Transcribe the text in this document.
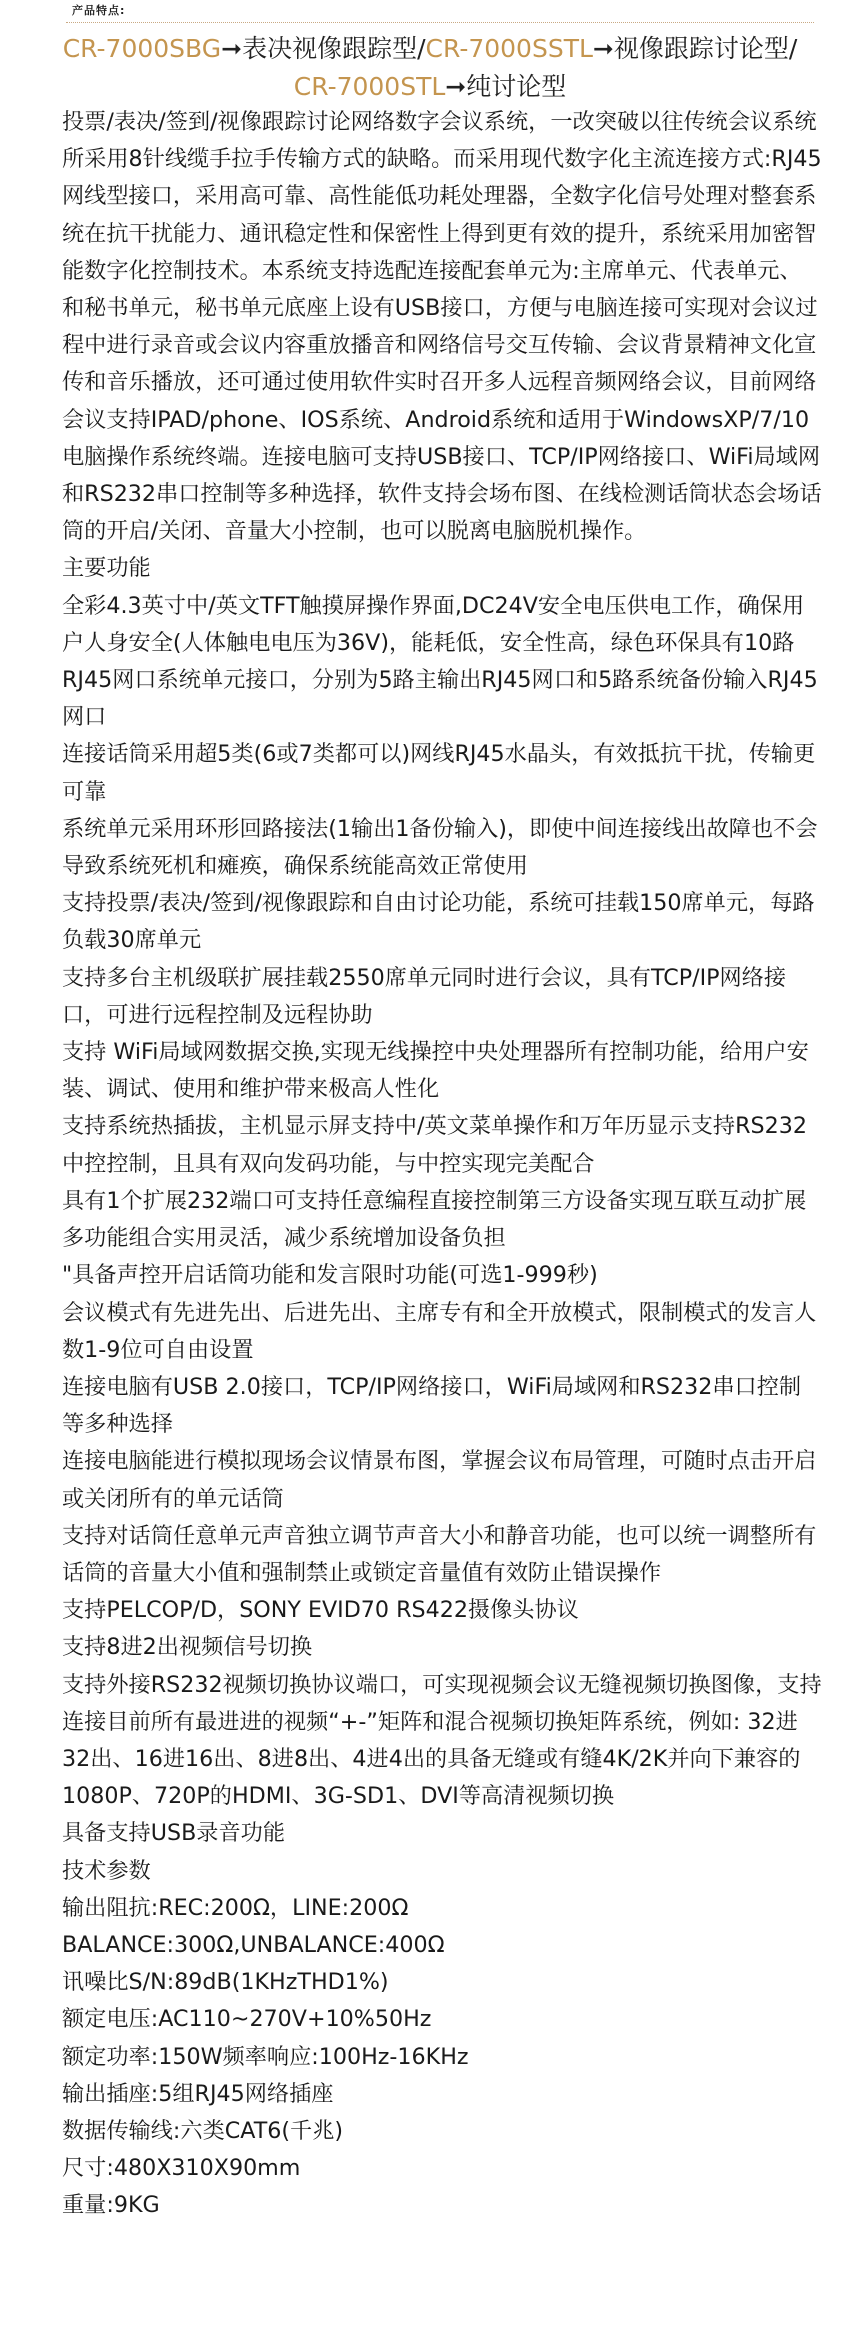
产品特点:
CR-7000SBG➞表决视像跟踪型/CR-7000SSTL➞视像跟踪讨论型/
CR-7000STL➞纯讨论型

投票/表决/签到/视像跟踪讨论网络数字会议系统，一改突破以往传统会议系统所采用8针线缆手拉手传输方式的缺略。而采用现代数字化主流连接方式:RJ45网线型接口，采用高可靠、高性能低功耗处理器，全数字化信号处理对整套系统在抗干扰能力、通讯稳定性和保密性上得到更有效的提升，系统采用加密智能数字化控制技术。本系统支持选配连接配套单元为:主席单元、代表单元、和秘书单元，秘书单元底座上设有USB接口，方便与电脑连接可实现对会议过程中进行录音或会议内容重放播音和网络信号交互传输、会议背景精神文化宣传和音乐播放，还可通过使用软件实时召开多人远程音频网络会议，目前网络会议支持IPAD/phone、IOS系统、Android系统和适用于WindowsXP/7/10电脑操作系统终端。连接电脑可支持USB接口、TCP/IP网络接口、WiFi局域网和RS232串口控制等多种选择，软件支持会场布图、在线检测话筒状态会场话筒的开启/关闭、音量大小控制，也可以脱离电脑脱机操作。

主要功能

全彩4.3英寸中/英文TFT触摸屏操作界面,DC24V安全电压供电工作，确保用户人身安全(人体触电电压为36V)，能耗低，安全性高，绿色环保具有10路RJ45网口系统单元接口，分别为5路主输出RJ45网口和5路系统备份输入RJ45网口

连接话筒采用超5类(6或7类都可以)网线RJ45水晶头，有效抵抗干扰，传输更可靠

系统单元采用环形回路接法(1输出1备份输入)，即使中间连接线出故障也不会导致系统死机和瘫痪，确保系统能高效正常使用

支持投票/表决/签到/视像跟踪和自由讨论功能，系统可挂载150席单元，每路负载30席单元

支持多台主机级联扩展挂载2550席单元同时进行会议，具有TCP/IP网络接口，可进行远程控制及远程协助

支持 WiFi局域网数据交换,实现无线操控中央处理器所有控制功能，给用户安装、调试、使用和维护带来极高人性化

支持系统热插拔，主机显示屏支持中/英文菜单操作和万年历显示支持RS232中控控制，且具有双向发码功能，与中控实现完美配合

具有1个扩展232端口可支持任意编程直接控制第三方设备实现互联互动扩展多功能组合实用灵活，减少系统增加设备负担

"具备声控开启话筒功能和发言限时功能(可选1-999秒)

会议模式有先进先出、后进先出、主席专有和全开放模式，限制模式的发言人数1-9位可自由设置

连接电脑有USB 2.0接口，TCP/IP网络接口，WiFi局域网和RS232串口控制等多种选择

连接电脑能进行模拟现场会议情景布图，掌握会议布局管理，可随时点击开启或关闭所有的单元话筒

支持对话筒任意单元声音独立调节声音大小和静音功能，也可以统一调整所有话筒的音量大小值和强制禁止或锁定音量值有效防止错误操作

支持PELCOP/D，SONY EVID70 RS422摄像头协议

支持8进2出视频信号切换

支持外接RS232视频切换协议端口，可实现视频会议无缝视频切换图像，支持连接目前所有最进进的视频“+-”矩阵和混合视频切换矩阵系统，例如: 32进32出、16进16出、8进8出、4进4出的具备无缝或有缝4K/2K并向下兼容的1080P、720P的HDMI、3G-SD1、DVI等高清视频切换

具备支持USB录音功能

技术参数

输出阻抗:REC:200Ω，LINE:200Ω

BALANCE:300Ω,UNBALANCE:400Ω

讯噪比S/N:89dB(1KHzTHD1%)

额定电压:AC110~270V+10%50Hz

额定功率:150W频率响应:100Hz-16KHz

输出插座:5组RJ45网络插座

数据传输线:六类CAT6(千兆)

尺寸:480X310X90mm

重量:9KG
